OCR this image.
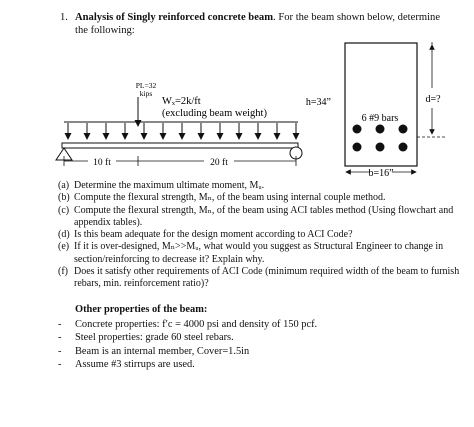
1. Analysis of Singly reinforced concrete beam. For the beam shown below, determine
the following:
PL=32
kips
Wₓ=2k/ft
(excluding beam weight)
10 ft	20 ft
h=34”
6 #9 bars
d=?
b=16”
(a) Determine the maximum ultimate moment, Mᵤ.
(b) Compute the flexural strength, Mₙ, of the beam using internal couple method.
(c) Compute the flexural strength, Mₙ, of the beam using ACI tables method (Using flowchart and appendix tables).
(d) Is this beam adequate for the design moment according to ACI Code?
(e) If it is over-designed, Mₙ>>Mᵤ, what would you suggest as Structural Engineer to change in section/reinforcing to decrease it? Explain why.
(f) Does it satisfy other requirements of ACI Code (minimum required width of the beam to furnish rebars, min. reinforcement ratio)?
Other properties of the beam:
- Concrete properties: f′c = 4000 psi and density of 150 pcf.
- Steel properties: grade 60 steel rebars.
- Beam is an internal member, Cover=1.5in
- Assume #3 stirrups are used.
